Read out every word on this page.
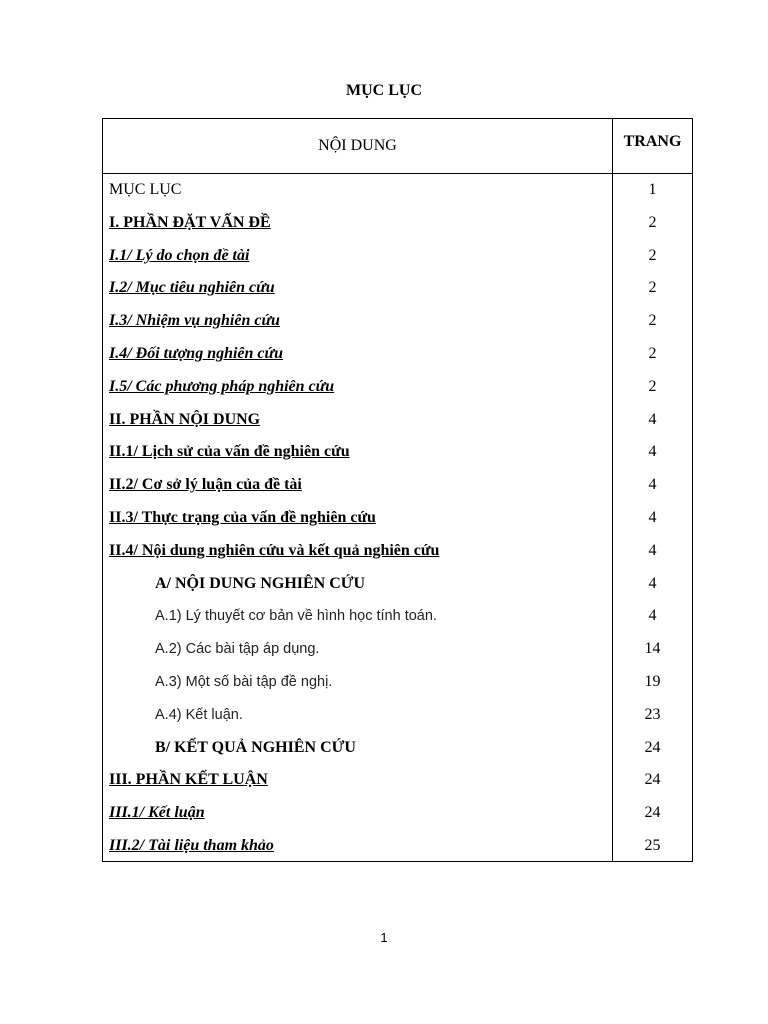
MỤC LỤC
NỘI DUNG	TRANG
MỤC LỤC	1
I. PHẦN ĐẶT VẤN ĐỀ	2
I.1/ Lý do chọn đề tài	2
I.2/ Mục tiêu nghiên cứu	2
I.3/ Nhiệm vụ nghiên cứu	2
I.4/ Đối tượng nghiên cứu	2
I.5/ Các phương pháp nghiên cứu	2
II. PHẦN NỘI DUNG	4
II.1/ Lịch sử của vấn đề nghiên cứu	4
II.2/ Cơ sở lý luận của đề tài	4
II.3/ Thực trạng của vấn đề nghiên cứu	4
II.4/ Nội dung nghiên cứu và kết quả nghiên cứu	4
A/ NỘI DUNG NGHIÊN CỨU	4
A.1) Lý thuyết cơ bản về hình học tính toán.	4
A.2) Các bài tập áp dụng.	14
A.3) Một số bài tập đề nghị.	19
A.4) Kết luận.	23
B/ KẾT QUẢ NGHIÊN CỨU	24
III. PHẦN KẾT LUẬN	24
III.1/ Kết luận	24
III.2/ Tài liệu tham khảo	25
1
